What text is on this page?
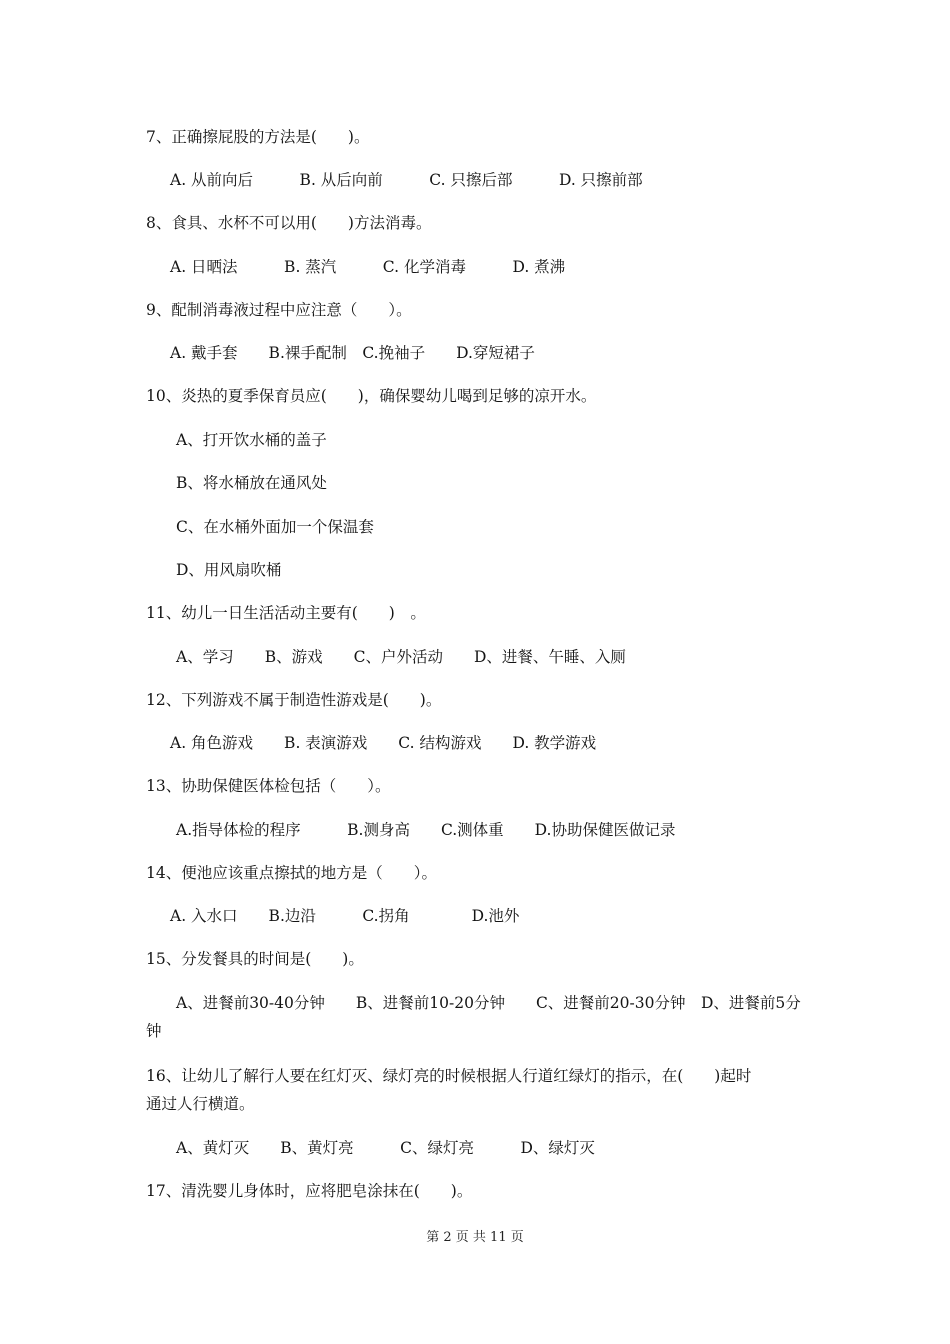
7、正确擦屁股的方法是(　　)。
A. 从前向后　　　B. 从后向前　　　C. 只擦后部　　　D. 只擦前部
8、食具、水杯不可以用(　　)方法消毒。
A. 日晒法　　　B. 蒸汽　　　C. 化学消毒　　　D. 煮沸
9、配制消毒液过程中应注意（　　）。
A. 戴手套　　B.裸手配制　C.挽袖子　　D.穿短裙子
10、炎热的夏季保育员应(　　)，确保婴幼儿喝到足够的凉开水。
A、打开饮水桶的盖子
B、将水桶放在通风处
C、在水桶外面加一个保温套
D、用风扇吹桶
11、幼儿一日生活活动主要有(　　)　。
A、学习　　B、游戏　　C、户外活动　　D、进餐、午睡、入厕
12、下列游戏不属于制造性游戏是(　　)。
A. 角色游戏　　B. 表演游戏　　C. 结构游戏　　D. 教学游戏
13、协助保健医体检包括（　　）。
A.指导体检的程序　　　B.测身高　　C.测体重　　D.协助保健医做记录
14、便池应该重点擦拭的地方是（　　）。
A. 入水口　　B.边沿　　　C.拐角　　　　D.池外
15、分发餐具的时间是(　　)。
A、进餐前30-40分钟　　B、进餐前10-20分钟　　C、进餐前20-30分钟　D、进餐前5分
钟
16、让幼儿了解行人要在红灯灭、绿灯亮的时候根据人行道红绿灯的指示，在(　　)起时
通过人行横道。
A、黄灯灭　　B、黄灯亮　　　C、绿灯亮　　　D、绿灯灭
17、清洗婴儿身体时，应将肥皂涂抹在(　　)。
第 2 页 共 11 页
